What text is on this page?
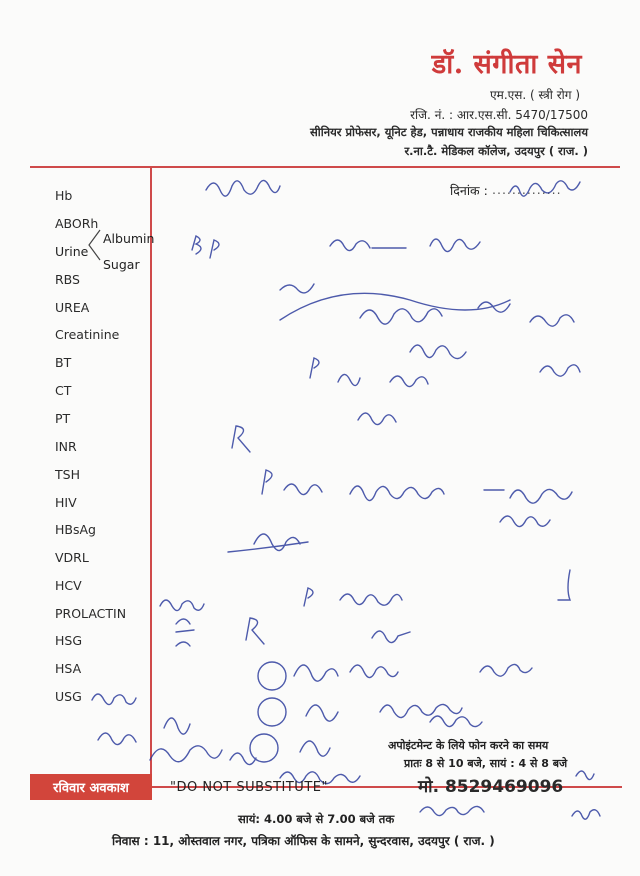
डॉ. संगीता सेन
एम.एस. ( स्त्री रोग )
रजि. नं. : आर.एस.सी. 5470/17500
सीनियर प्रोफेसर, यूनिट हेड, पन्नाधाय राजकीय महिला चिकित्सालय
र.ना.टै. मेडिकल कॉलेज, उदयपुर ( राज. )
दिनांक : ..............
Hb
ABORh
Urine
Albumin
Sugar
RBS
UREA
Creatinine
BT
CT
PT
INR
TSH
HIV
HBsAg
VDRL
HCV
PROLACTIN
HSG
HSA
USG
अपोइंटमेन्ट के लिये फोन करने का समय
प्रातः 8 से 10 बजे, सायं : 4 से 8 बजे
रविवार अवकाश	"DO NOT SUBSTITUTE"	मो. 8529469096
सायं: 4.00 बजे से 7.00 बजे तक
निवास : 11, ओस्तवाल नगर, पत्रिका ऑफिस के सामने, सुन्दरवास, उदयपुर ( राज. )
